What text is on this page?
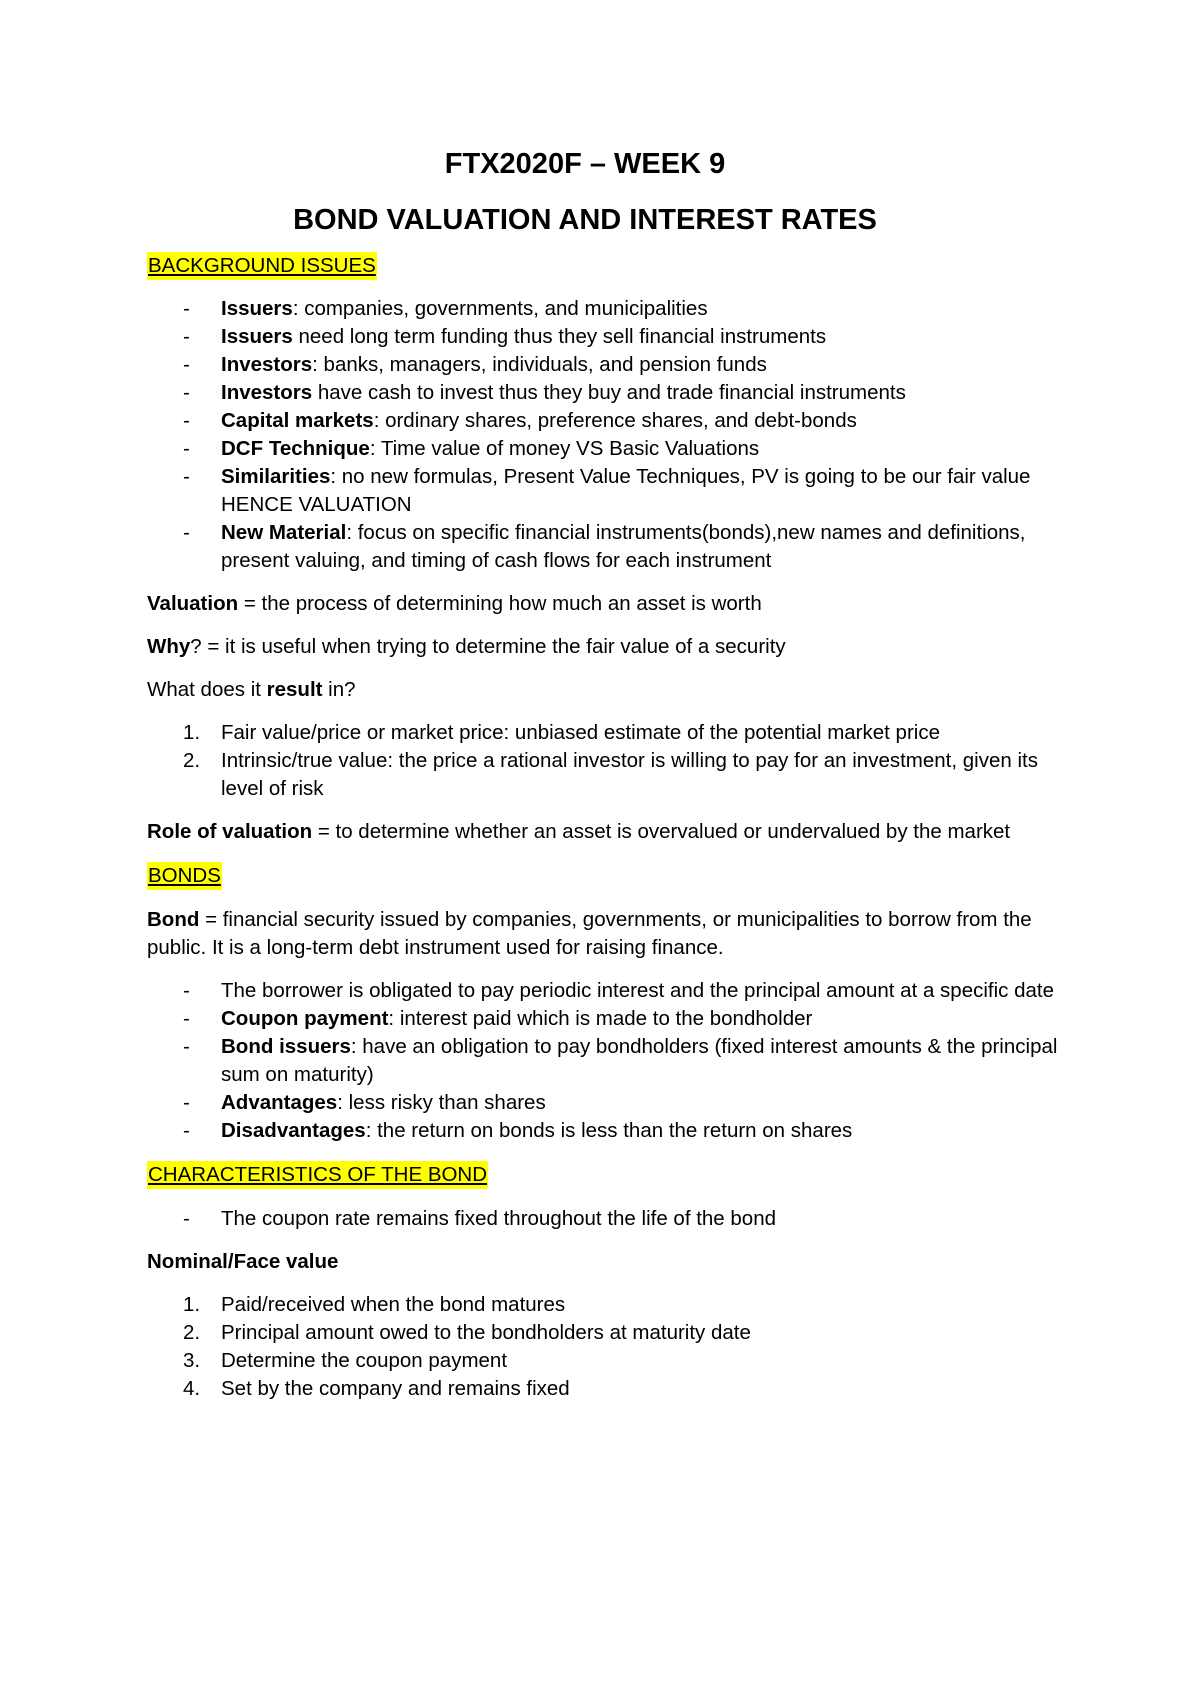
FTX2020F – WEEK 9

BOND VALUATION AND INTEREST RATES

BACKGROUND ISSUES

- Issuers: companies, governments, and municipalities
- Issuers need long term funding thus they sell financial instruments
- Investors: banks, managers, individuals, and pension funds
- Investors have cash to invest thus they buy and trade financial instruments
- Capital markets: ordinary shares, preference shares, and debt-bonds
- DCF Technique: Time value of money VS Basic Valuations
- Similarities: no new formulas, Present Value Techniques, PV is going to be our fair value HENCE VALUATION
- New Material: focus on specific financial instruments(bonds),new names and definitions, present valuing, and timing of cash flows for each instrument

Valuation = the process of determining how much an asset is worth

Why? = it is useful when trying to determine the fair value of a security

What does it result in?

1. Fair value/price or market price: unbiased estimate of the potential market price
2. Intrinsic/true value: the price a rational investor is willing to pay for an investment, given its level of risk

Role of valuation = to determine whether an asset is overvalued or undervalued by the market

BONDS

Bond = financial security issued by companies, governments, or municipalities to borrow from the public. It is a long-term debt instrument used for raising finance.

- The borrower is obligated to pay periodic interest and the principal amount at a specific date
- Coupon payment: interest paid which is made to the bondholder
- Bond issuers: have an obligation to pay bondholders (fixed interest amounts & the principal sum on maturity)
- Advantages: less risky than shares
- Disadvantages: the return on bonds is less than the return on shares

CHARACTERISTICS OF THE BOND

- The coupon rate remains fixed throughout the life of the bond

Nominal/Face value

1. Paid/received when the bond matures
2. Principal amount owed to the bondholders at maturity date
3. Determine the coupon payment
4. Set by the company and remains fixed
